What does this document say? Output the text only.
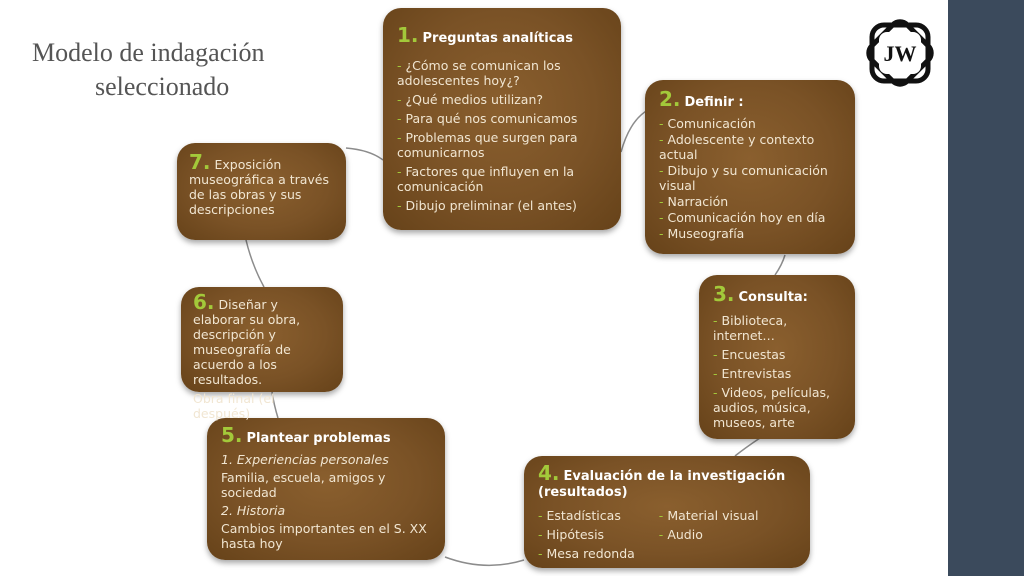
Modelo de indagación
seleccionado
JW
1. Preguntas analíticas
- ¿Cómo se comunican los adolescentes hoy¿?
- ¿Qué medios utilizan?
- Para qué nos comunicamos
- Problemas que surgen para comunicarnos
- Factores que influyen en la comunicación
- Dibujo preliminar (el antes)
2. Definir :
- Comunicación
- Adolescente y contexto actual
- Dibujo y su comunicación visual
- Narración
- Comunicación hoy en día
- Museografía
3. Consulta:
- Biblioteca, internet…
- Encuestas
- Entrevistas
- Videos, películas, audios, música, museos, arte
4. Evaluación de la investigación (resultados)
- Estadísticas
- Hipótesis
- Mesa redonda
- Material visual
- Audio
5. Plantear problemas
1. Experiencias personales
Familia, escuela, amigos y sociedad
2. Historia
Cambios importantes en el S. XX hasta hoy
6. Diseñar y elaborar su obra, descripción y museografía de acuerdo a los resultados.
Obra final (el después)
7. Exposición museográfica a través de las obras y sus descripciones
